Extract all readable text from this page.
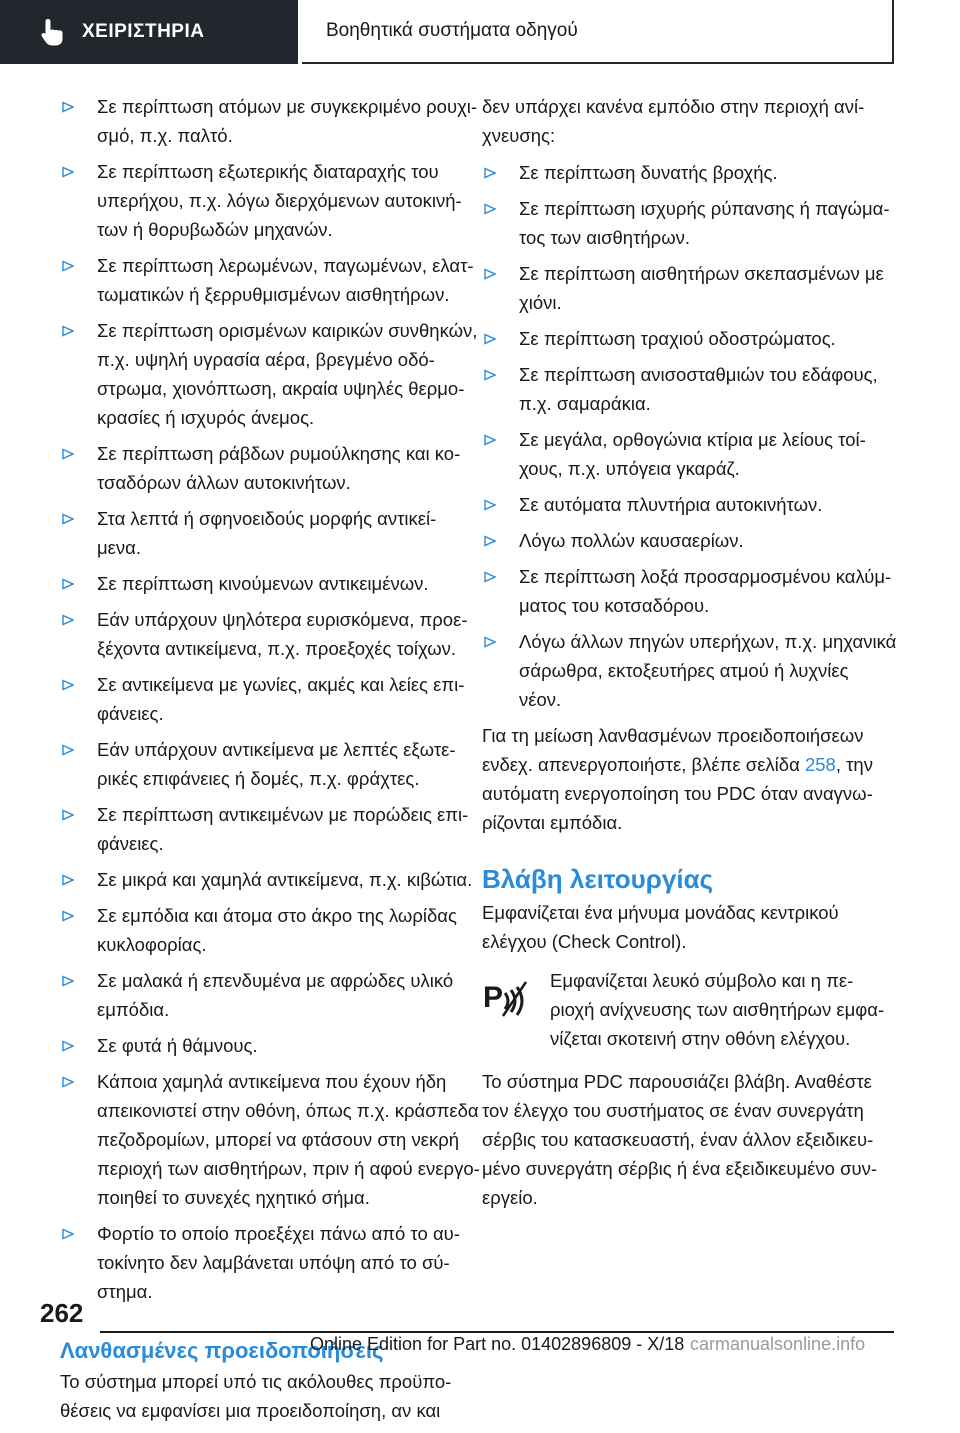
ΧΕΙΡΙΣΤΗΡΙΑ	Βοηθητικά συστήματα οδηγού
Σε περίπτωση ατόμων με συγκεκριμένο ρουχι-
σμό, π.χ. παλτό.
Σε περίπτωση εξωτερικής διαταραχής του
υπερήχου, π.χ. λόγω διερχόμενων αυτοκινή-
των ή θορυβωδών μηχανών.
Σε περίπτωση λερωμένων, παγωμένων, ελατ-
τωματικών ή ξερρυθμισμένων αισθητήρων.
Σε περίπτωση ορισμένων καιρικών συνθηκών,
π.χ. υψηλή υγρασία αέρα, βρεγμένο οδό-
στρωμα, χιονόπτωση, ακραία υψηλές θερμο-
κρασίες ή ισχυρός άνεμος.
Σε περίπτωση ράβδων ρυμούλκησης και κο-
τσαδόρων άλλων αυτοκινήτων.
Στα λεπτά ή σφηνοειδούς μορφής αντικεί-
μενα.
Σε περίπτωση κινούμενων αντικειμένων.
Εάν υπάρχουν ψηλότερα ευρισκόμενα, προε-
ξέχοντα αντικείμενα, π.χ. προεξοχές τοίχων.
Σε αντικείμενα με γωνίες, ακμές και λείες επι-
φάνειες.
Εάν υπάρχουν αντικείμενα με λεπτές εξωτε-
ρικές επιφάνειες ή δομές, π.χ. φράχτες.
Σε περίπτωση αντικειμένων με πορώδεις επι-
φάνειες.
Σε μικρά και χαμηλά αντικείμενα, π.χ. κιβώτια.
Σε εμπόδια και άτομα στο άκρο της λωρίδας
κυκλοφορίας.
Σε μαλακά ή επενδυμένα με αφρώδες υλικό
εμπόδια.
Σε φυτά ή θάμνους.
Κάποια χαμηλά αντικείμενα που έχουν ήδη
απεικονιστεί στην οθόνη, όπως π.χ. κράσπεδα
πεζοδρομίων, μπορεί να φτάσουν στη νεκρή
περιοχή των αισθητήρων, πριν ή αφού ενεργο-
ποιηθεί το συνεχές ηχητικό σήμα.
Φορτίο το οποίο προεξέχει πάνω από το αυ-
τοκίνητο δεν λαμβάνεται υπόψη από το σύ-
στημα.
Λανθασμένες προειδοποιήσεις

Το σύστημα μπορεί υπό τις ακόλουθες προϋπο-
θέσεις να εμφανίσει μια προειδοποίηση, αν και

δεν υπάρχει κανένα εμπόδιο στην περιοχή ανί-
χνευσης:

Σε περίπτωση δυνατής βροχής.
Σε περίπτωση ισχυρής ρύπανσης ή παγώμα-
τος των αισθητήρων.
Σε περίπτωση αισθητήρων σκεπασμένων με
χιόνι.
Σε περίπτωση τραχιού οδοστρώματος.
Σε περίπτωση ανισοσταθμιών του εδάφους,
π.χ. σαμαράκια.
Σε μεγάλα, ορθογώνια κτίρια με λείους τοί-
χους, π.χ. υπόγεια γκαράζ.
Σε αυτόματα πλυντήρια αυτοκινήτων.
Λόγω πολλών καυσαερίων.
Σε περίπτωση λοξά προσαρμοσμένου καλύμ-
ματος του κοτσαδόρου.
Λόγω άλλων πηγών υπερήχων, π.χ. μηχανικά
σάρωθρα, εκτοξευτήρες ατμού ή λυχνίες
νέον.

Για τη μείωση λανθασμένων προειδοποιήσεων
ενδεχ. απενεργοποιήστε, βλέπε σελίδα 258, την
αυτόματη ενεργοποίηση του PDC όταν αναγνω-
ρίζονται εμπόδια.

Βλάβη λειτουργίας

Εμφανίζεται ένα μήνυμα μονάδας κεντρικού
ελέγχου (Check Control).

P
Εμφανίζεται λευκό σύμβολο και η πε-
ριοχή ανίχνευσης των αισθητήρων εμφα-
νίζεται σκοτεινή στην οθόνη ελέγχου.

Το σύστημα PDC παρουσιάζει βλάβη. Αναθέστε
τον έλεγχο του συστήματος σε έναν συνεργάτη
σέρβις του κατασκευαστή, έναν άλλον εξειδικευ-
μένο συνεργάτη σέρβις ή ένα εξειδικευμένο συν-
εργείο.

262
Online Edition for Part no. 01402896809 - X/18 carmanualsonline.info
